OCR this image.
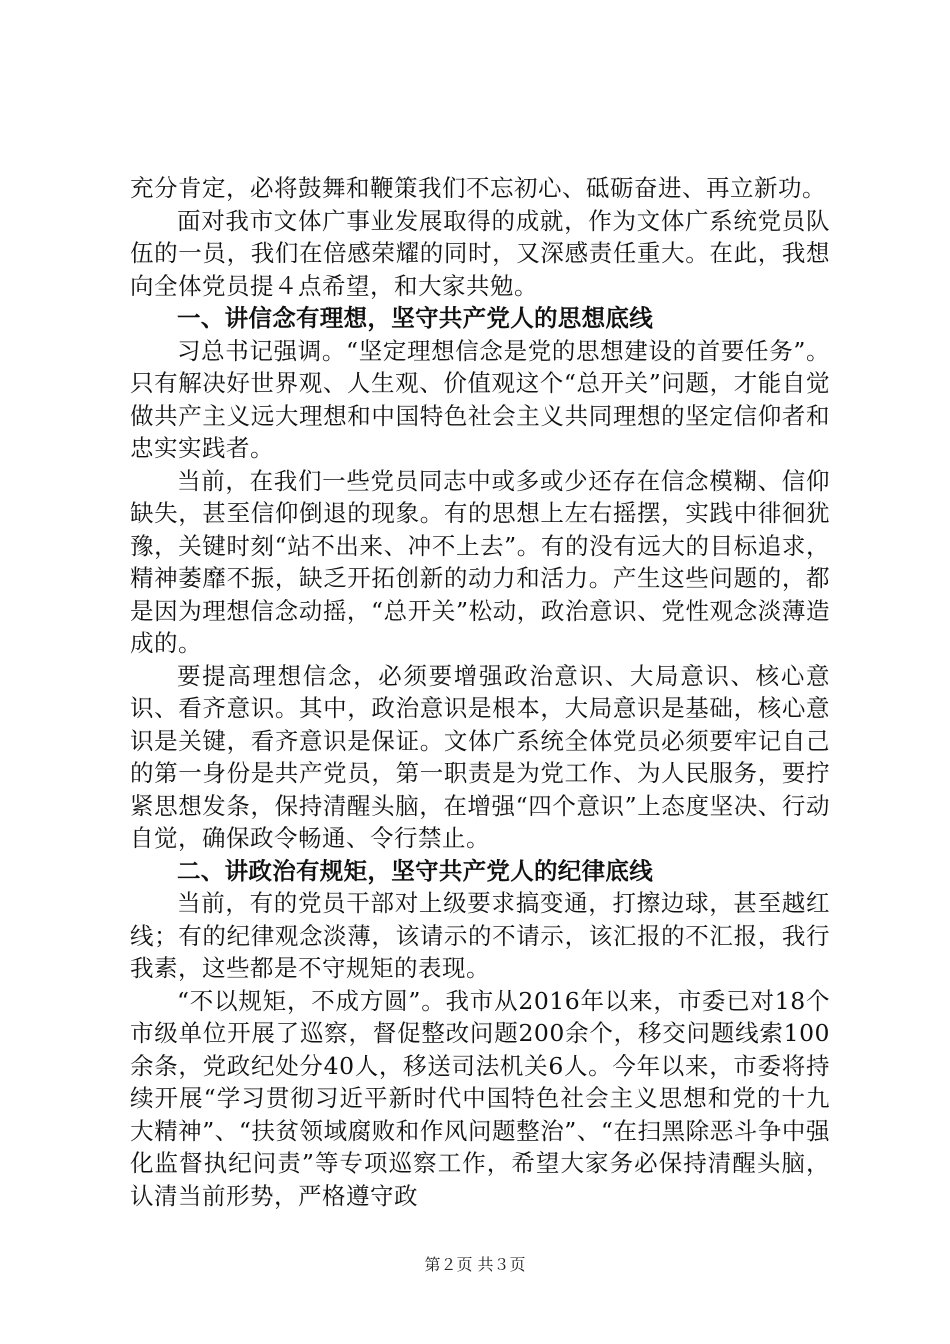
充分肯定，必将鼓舞和鞭策我们不忘初心、砥砺奋进、再立新功。

面对我市文体广事业发展取得的成就，作为文体广系统党员队伍的一员，我们在倍感荣耀的同时，又深感责任重大。在此，我想向全体党员提４点希望，和大家共勉。

一、讲信念有理想，坚守共产党人的思想底线

习总书记强调。“坚定理想信念是党的思想建设的首要任务”。只有解决好世界观、人生观、价值观这个“总开关”问题，才能自觉做共产主义远大理想和中国特色社会主义共同理想的坚定信仰者和忠实实践者。

当前，在我们一些党员同志中或多或少还存在信念模糊、信仰缺失，甚至信仰倒退的现象。有的思想上左右摇摆，实践中徘徊犹豫，关键时刻“站不出来、冲不上去”。有的没有远大的目标追求，精神萎靡不振，缺乏开拓创新的动力和活力。产生这些问题的，都是因为理想信念动摇，“总开关”松动，政治意识、党性观念淡薄造成的。

要提高理想信念，必须要增强政治意识、大局意识、核心意识、看齐意识。其中，政治意识是根本，大局意识是基础，核心意识是关键，看齐意识是保证。文体广系统全体党员必须要牢记自己的第一身份是共产党员，第一职责是为党工作、为人民服务，要拧紧思想发条，保持清醒头脑，在增强“四个意识”上态度坚决、行动自觉，确保政令畅通、令行禁止。

二、讲政治有规矩，坚守共产党人的纪律底线

当前，有的党员干部对上级要求搞变通，打擦边球，甚至越红线；有的纪律观念淡薄，该请示的不请示，该汇报的不汇报，我行我素，这些都是不守规矩的表现。

“不以规矩，不成方圆”。我市从2016年以来，市委已对18个市级单位开展了巡察，督促整改问题200余个，移交问题线索100余条，党政纪处分40人，移送司法机关6人。今年以来，市委将持续开展“学习贯彻习近平新时代中国特色社会主义思想和党的十九大精神”、“扶贫领域腐败和作风问题整治”、“在扫黑除恶斗争中强化监督执纪问责”等专项巡察工作，希望大家务必保持清醒头脑，认清当前形势，严格遵守政

第２页 共３页
